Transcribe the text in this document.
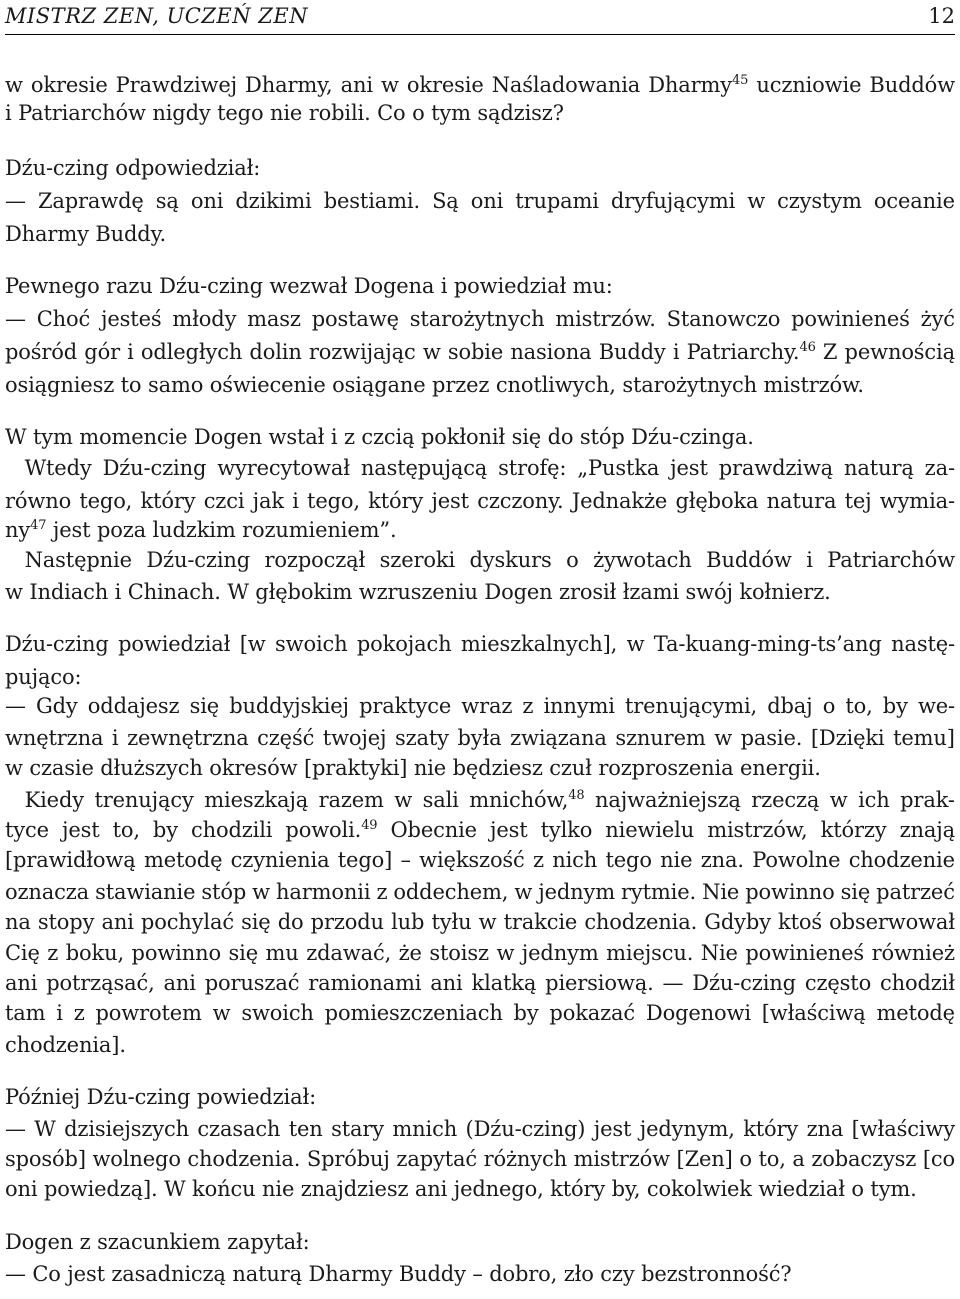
MISTRZ ZEN, UCZEŃ ZEN	12
w okresie Prawdziwej Dharmy, ani w okresie Naśladowania Dharmy$^{45}$ uczniowie Buddów
i Patriarchów nigdy tego nie robili. Co o tym sądzisz?
Dźu-czing odpowiedział:
— Zaprawdę są oni dzikimi bestiami. Są oni trupami dryfującymi w czystym oceanie
Dharmy Buddy.
Pewnego razu Dźu-czing wezwał Dogena i powiedział mu:
— Choć jesteś młody masz postawę starożytnych mistrzów. Stanowczo powinieneś żyć
pośród gór i odległych dolin rozwijając w sobie nasiona Buddy i Patriarchy.$^{46}$ Z pewnością
osiągniesz to samo oświecenie osiągane przez cnotliwych, starożytnych mistrzów.
W tym momencie Dogen wstał i z czcią pokłonił się do stóp Dźu-czinga.
Wtedy Dźu-czing wyrecytował następującą strofę: „Pustka jest prawdziwą naturą za-
równo tego, który czci jak i tego, który jest czczony. Jednakże głęboka natura tej wymia-
$ny^{47}$ jest poza ludzkim rozumieniem”.
Następnie Dźu-czing rozpoczął szeroki dyskurs o żywotach Buddów i Patriarchów
w Indiach i Chinach. W głębokim wzruszeniu Dogen zrosił łzami swój kołnierz.
Dźu-czing powiedział [w swoich pokojach mieszkalnych], w Ta-kuang-ming-ts’ang nastę-
pująco:
— Gdy oddajesz się buddyjskiej praktyce wraz z innymi trenującymi, dbaj o to, by we-
wnętrzna i zewnętrzna część twojej szaty była związana sznurem w pasie. [Dzięki temu]
w czasie dłuższych okresów [praktyki] nie będziesz czuł rozproszenia energii.
Kiedy trenujący mieszkają razem w sali mnichów,$^{48}$ najważniejszą rzeczą w ich prak-
tyce jest to, by chodzili powoli.$^{49}$ Obecnie jest tylko niewielu mistrzów, którzy znają
[prawidłową metodę czynienia tego] – większość z nich tego nie zna. Powolne chodzenie
oznacza stawianie stóp w harmonii z oddechem, w jednym rytmie. Nie powinno się patrzeć
na stopy ani pochylać się do przodu lub tyłu w trakcie chodzenia. Gdyby ktoś obserwował
Cię z boku, powinno się mu zdawać, że stoisz w jednym miejscu. Nie powinieneś również
ani potrząsać, ani poruszać ramionami ani klatką piersiową. — Dźu-czing często chodził
tam i z powrotem w swoich pomieszczeniach by pokazać Dogenowi [właściwą metodę
chodzenia].
Później Dźu-czing powiedział:
— W dzisiejszych czasach ten stary mnich (Dźu-czing) jest jedynym, który zna [właściwy
sposób] wolnego chodzenia. Spróbuj zapytać różnych mistrzów [Zen] o to, a zobaczysz [co
oni powiedzą]. W końcu nie znajdziesz ani jednego, który by, cokolwiek wiedział o tym.
Dogen z szacunkiem zapytał:
— Co jest zasadniczą naturą Dharmy Buddy – dobro, zło czy bezstronność?
